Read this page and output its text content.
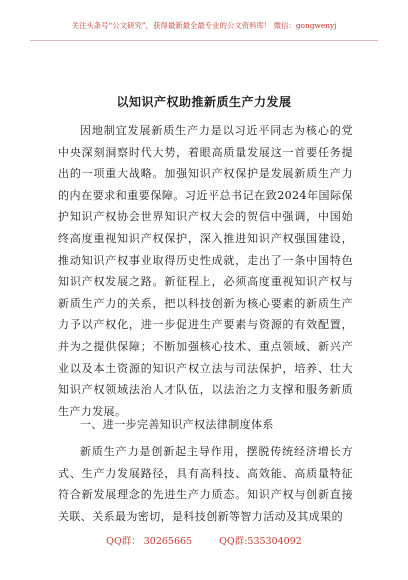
关注头条号“公文研究”，获得最新最全最专业的公文资料库！ 微信：gongwenyj
以知识产权助推新质生产力发展
因地制宜发展新质生产力是以习近平同志为核心的党中央深刻洞察时代大势，着眼高质量发展这一首要任务提出的一项重大战略。加强知识产权保护是发展新质生产力的内在要求和重要保障。习近平总书记在致2024年国际保护知识产权协会世界知识产权大会的贺信中强调，中国始终高度重视知识产权保护，深入推进知识产权强国建设，推动知识产权事业取得历史性成就，走出了一条中国特色知识产权发展之路。新征程上，必须高度重视知识产权与新质生产力的关系，把以科技创新为核心要素的新质生产力予以产权化，进一步促进生产要素与资源的有效配置，并为之提供保障；不断加强核心技术、重点领域、新兴产业以及本土资源的知识产权立法与司法保护，培养、壮大知识产权领域法治人才队伍，以法治之力支撑和服务新质生产力发展。
一、进一步完善知识产权法律制度体系
新质生产力是创新起主导作用，摆脱传统经济增长方式、生产力发展路径，具有高科技、高效能、高质量特征符合新发展理念的先进生产力质态。知识产权与创新直接关联、关系最为密切，是科技创新等智力活动及其成果的
QQ群： 30265665	QQ群:535304092
